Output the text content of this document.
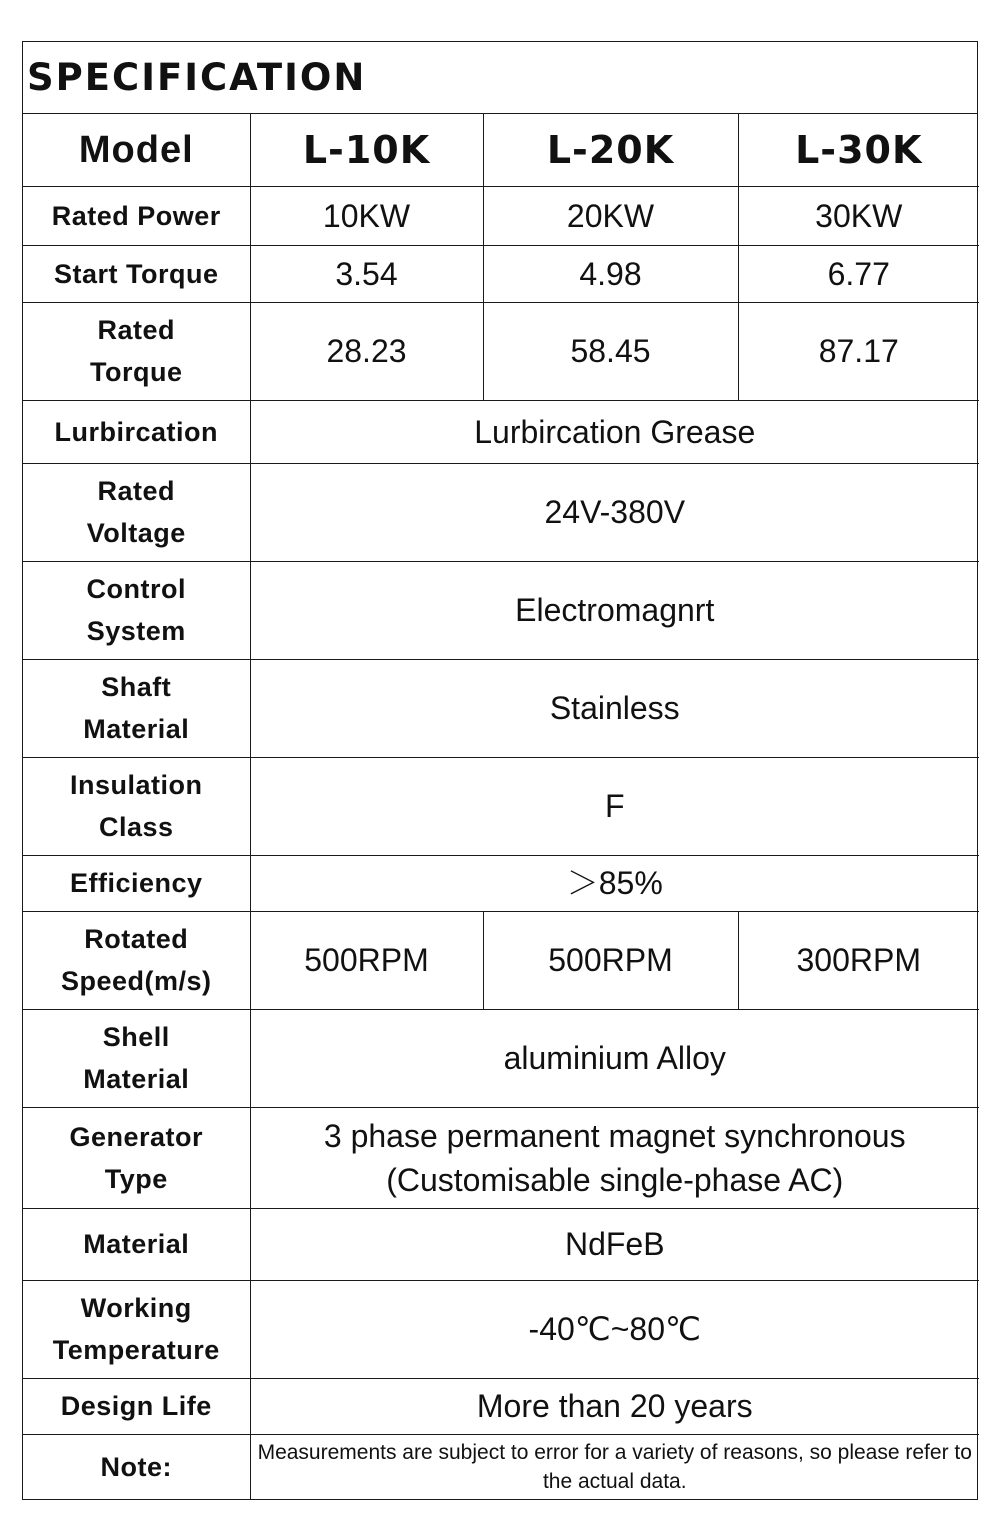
SPECIFICATION
Model	L-10K	L-20K	L-30K
Rated Power	10KW	20KW	30KW
Start Torque	3.54	4.98	6.77

Rated
Torque	28.23	58.45	87.17
Lurbircation	Lurbircation Grease		

Rated
Voltage	24V-380V		

Control
System	Electromagnrt		

Shaft
Material	Stainless		

Insulation
Class	F		
Efficiency	＞85%		

Rotated
Speed(m/s)	500RPM	500RPM	300RPM

Shell
Material	aluminium Alloy		

Generator
Type	3 phase permanent magnet synchronous
(Customisable single-phase AC)		

Material	NdFeB		

Working
Temperature	-40℃~80℃		
Design Life	More than 20 years		
Note:	Measurements are subject to error for a variety of reasons, so please refer to the actual data.		
